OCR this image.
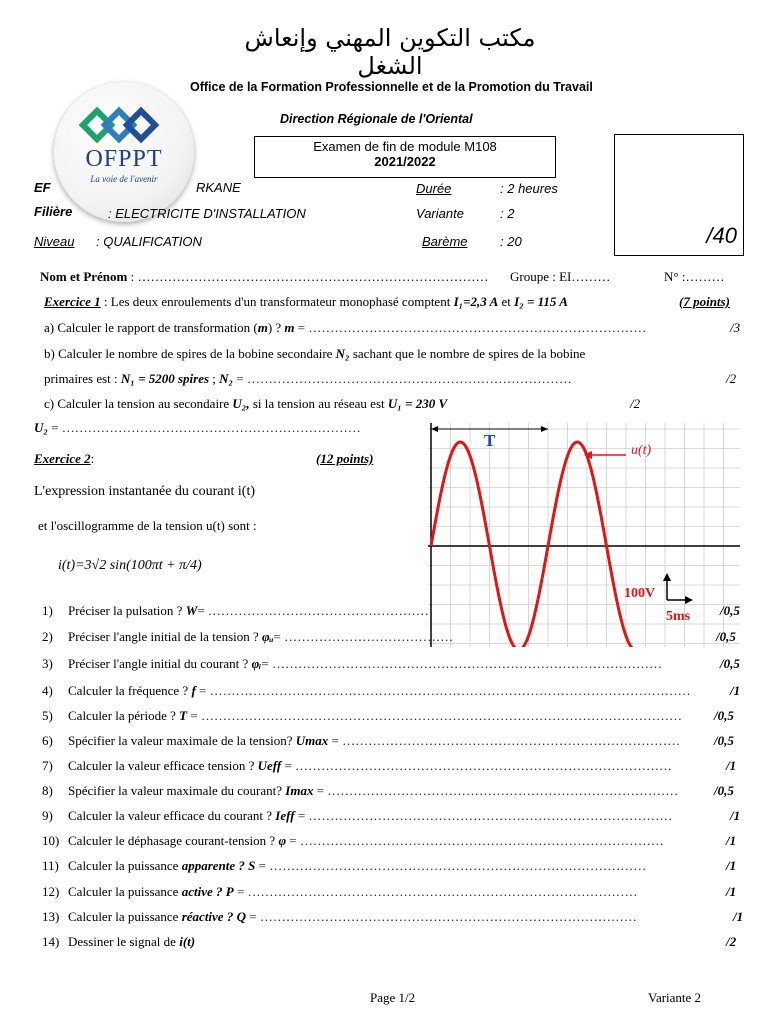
مكتب التكوين المهني وإنعاش الشغل
Office de la Formation Professionnelle et de la Promotion du Travail
Direction Régionale de l'Oriental
OFPPT
La voie de l'avenir
Examen de fin de module M108
2021/2022
/40
EF	RKANE
Filière	: ELECTRICITE D'INSTALLATION
Niveau : QUALIFICATION
Durée	: 2 heures
Variante	: 2
Barème : 20
Nom et Prénom : ……………………………………………………………………… Groupe : EI………	N° :………
Exercice 1 : Les deux enroulements d'un transformateur monophasé comptent I₁=2,3 A et I₂ = 115 A	(7 points)
a) Calculer le rapport de transformation (m) ? m = ……………………………………………………………………	/3
b) Calculer le nombre de spires de la bobine secondaire N₂ sachant que le nombre de spires de la bobine
primaires est : N₁ = 5200 spires ; N₂ = …………………………………………………………………	/2
c) Calculer la tension au secondaire U₂, si la tension au réseau est U₁ = 230 V	/2
U₂ = ……………………………………………………………
T
u(t)
100V
5ms
Exercice 2:	(12 points)
L'expression instantanée du courant i(t)
et l'oscillogramme de la tension u(t) sont :
i(t)=3√2 sin(100πt + π/4)
1) Préciser la pulsation ? W= ……………………………………………	/0,5
2) Préciser l'angle initial de la tension ? φᵤ= …………………………………	/0,5
3) Préciser l'angle initial du courant ? φᵢ= ………………………………………………………………………………	/0,5
4) Calculer la fréquence ? f = …………………………………………………………………………………………………	/1
5) Calculer la période ? T = ………………………………………………………………………………………………… /0,5
6) Spécifier la valeur maximale de la tension? Umax = ……………………………………………………………………	/0,5
7) Calculer la valeur efficace tension ? Ueff = ……………………………………………………………………………	/1
8) Spécifier la valeur maximale du courant? Imax = ………………………………………………………………………	/0,5
9) Calculer la valeur efficace du courant ? Ieff = …………………………………………………………………………	/1
10) Calculer le déphasage courant-tension ? φ = …………………………………………………………………………	/1
11) Calculer la puissance apparente ? S = ……………………………………………………………………………	/1
12) Calculer la puissance active ? P = ………………………………………………………………………………	/1
13) Calculer la puissance réactive ? Q = ……………………………………………………………………………	/1
14) Dessiner le signal de i(t)	/2
Page 1/2	Variante 2
